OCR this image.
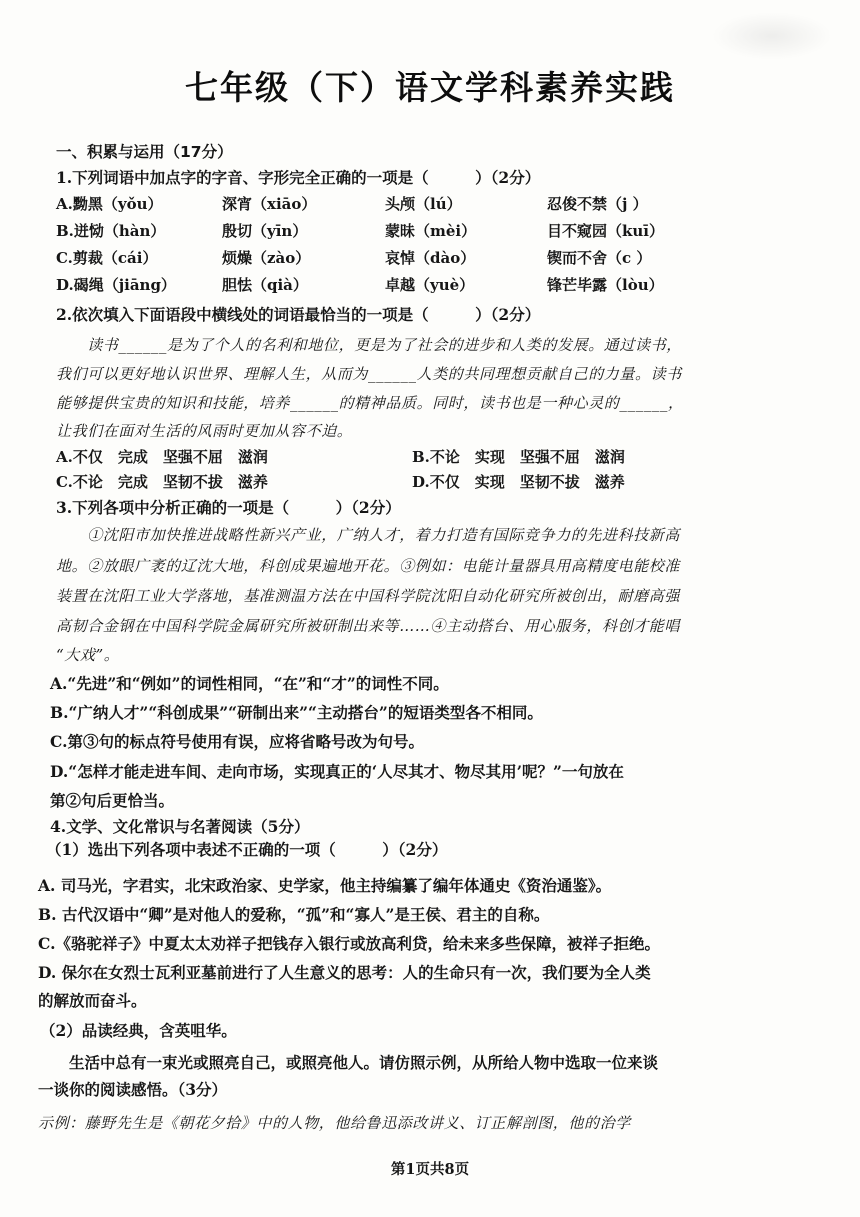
七年级（下）语文学科素养实践
一、积累与运用（17分）
1.下列词语中加点字的字音、字形完全正确的一项是（　　　）（2分）
A.黝黑（yǒu）	深宵（xiāo）	头颅（lú）	忍俊不禁（j ）
B.迸恸（hàn）	殷切（yīn）	蒙昧（mèi）	目不窥园（kuī）
C.剪裁（cái）	烦燥（zào）	哀悼（dào）	锲而不舍（c ）
D.碣绳（jiāng）	胆怯（qià）	卓越（yuè）	锋芒毕露（lòu）
2.依次填入下面语段中横线处的词语最恰当的一项是（　　　）（2分）
　　读书______是为了个人的名利和地位，更是为了社会的进步和人类的发展。通过读书，
我们可以更好地认识世界、理解人生，从而为______人类的共同理想贡献自己的力量。读书
能够提供宝贵的知识和技能，培养______的精神品质。同时，读书也是一种心灵的______，
让我们在面对生活的风雨时更加从容不迫。
A.不仅　完成　坚强不屈　滋润	B.不论　实现　坚强不屈　滋润
C.不论　完成　坚韧不拔　滋养	D.不仅　实现　坚韧不拔　滋养
3.下列各项中分析正确的一项是（　　　）（2分）
　　①沈阳市加快推进战略性新兴产业，广纳人才，着力打造有国际竞争力的先进科技新高
地。②放眼广袤的辽沈大地，科创成果遍地开花。③例如：电能计量器具用高精度电能校准
装置在沈阳工业大学落地，基准测温方法在中国科学院沈阳自动化研究所被创出，耐磨高强
高韧合金钢在中国科学院金属研究所被研制出来等……④主动搭台、用心服务，科创才能唱
“大戏”。
A.“先进”和“例如”的词性相同，“在”和“才”的词性不同。
B.“广纳人才”“科创成果”“研制出来”“主动搭台”的短语类型各不相同。
C.第③句的标点符号使用有误，应将省略号改为句号。
D.“怎样才能走进车间、走向市场，实现真正的‘人尽其才、物尽其用’呢？”一句放在
第②句后更恰当。
4.文学、文化常识与名著阅读（5分）
（1）选出下列各项中表述不正确的一项（　　　）（2分）
A. 司马光，字君实，北宋政治家、史学家，他主持编纂了编年体通史《资治通鉴》。
B. 古代汉语中“卿”是对他人的爱称，“孤”和“寡人”是王侯、君主的自称。
C.《骆驼祥子》中夏太太劝祥子把钱存入银行或放高利贷，给未来多些保障，被祥子拒绝。
D. 保尔在女烈士瓦利亚墓前进行了人生意义的思考：人的生命只有一次，我们要为全人类
的解放而奋斗。
（2）品读经典，含英咀华。
　　生活中总有一束光或照亮自己，或照亮他人。请仿照示例，从所给人物中选取一位来谈
一谈你的阅读感悟。（3分）
示例：藤野先生是《朝花夕拾》中的人物，他给鲁迅添改讲义、订正解剖图，他的治学
第1页共8页
